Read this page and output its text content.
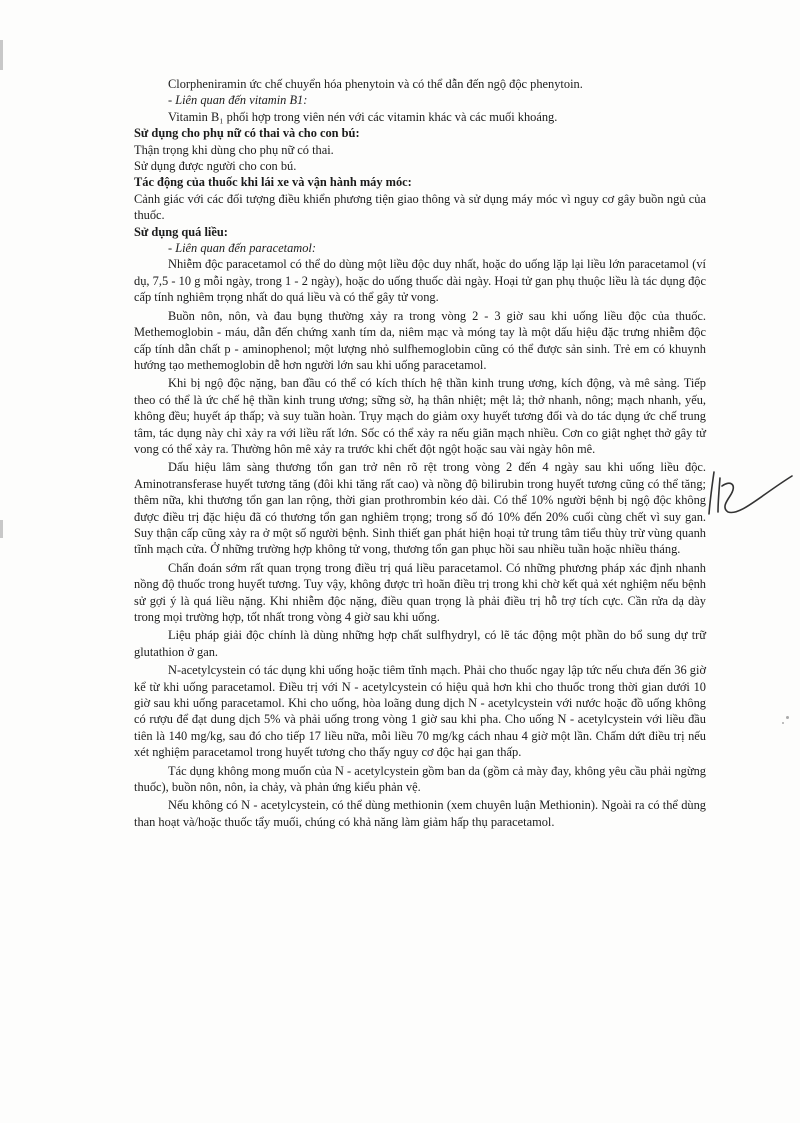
Clorpheniramin ức chế chuyển hóa phenytoin và có thể dẫn đến ngộ độc phenytoin.

- Liên quan đến vitamin B1:

Vitamin B₁ phối hợp trong viên nén với các vitamin khác và các muối khoáng.

Sử dụng cho phụ nữ có thai và cho con bú:

Thận trọng khi dùng cho phụ nữ có thai.

Sử dụng được người cho con bú.

Tác động của thuốc khi lái xe và vận hành máy móc:

Cảnh giác với các đối tượng điều khiển phương tiện giao thông và sử dụng máy móc vì nguy cơ gây buồn ngủ của thuốc.

Sử dụng quá liều:

- Liên quan đến paracetamol:

Nhiễm độc paracetamol có thể do dùng một liều độc duy nhất, hoặc do uống lặp lại liều lớn paracetamol (ví dụ, 7,5 - 10 g mỗi ngày, trong 1 - 2 ngày), hoặc do uống thuốc dài ngày. Hoại tử gan phụ thuộc liều là tác dụng độc cấp tính nghiêm trọng nhất do quá liều và có thể gây tử vong.

Buồn nôn, nôn, và đau bụng thường xảy ra trong vòng 2 - 3 giờ sau khi uống liều độc của thuốc. Methemoglobin - máu, dẫn đến chứng xanh tím da, niêm mạc và móng tay là một dấu hiệu đặc trưng nhiễm độc cấp tính dẫn chất p - aminophenol; một lượng nhỏ sulfhemoglobin cũng có thể được sản sinh. Trẻ em có khuynh hướng tạo methemoglobin dễ hơn người lớn sau khi uống paracetamol.

Khi bị ngộ độc nặng, ban đầu có thể có kích thích hệ thần kinh trung ương, kích động, và mê sảng. Tiếp theo có thể là ức chế hệ thần kinh trung ương; sững sờ, hạ thân nhiệt; mệt lả; thở nhanh, nông; mạch nhanh, yếu, không đều; huyết áp thấp; và suy tuần hoàn. Trụy mạch do giảm oxy huyết tương đối và do tác dụng ức chế trung tâm, tác dụng này chỉ xảy ra với liều rất lớn. Sốc có thể xảy ra nếu giãn mạch nhiều. Cơn co giật nghẹt thở gây tử vong có thể xảy ra. Thường hôn mê xảy ra trước khi chết đột ngột hoặc sau vài ngày hôn mê.

Dấu hiệu lâm sàng thương tổn gan trở nên rõ rệt trong vòng 2 đến 4 ngày sau khi uống liều độc. Aminotransferase huyết tương tăng (đôi khi tăng rất cao) và nồng độ bilirubin trong huyết tương cũng có thể tăng; thêm nữa, khi thương tổn gan lan rộng, thời gian prothrombin kéo dài. Có thể 10% người bệnh bị ngộ độc không được điều trị đặc hiệu đã có thương tổn gan nghiêm trọng; trong số đó 10% đến 20% cuối cùng chết vì suy gan. Suy thận cấp cũng xảy ra ở một số người bệnh. Sinh thiết gan phát hiện hoại tử trung tâm tiểu thùy trừ vùng quanh tĩnh mạch cửa. Ở những trường hợp không tử vong, thương tổn gan phục hồi sau nhiều tuần hoặc nhiều tháng.

Chẩn đoán sớm rất quan trọng trong điều trị quá liều paracetamol. Có những phương pháp xác định nhanh nồng độ thuốc trong huyết tương. Tuy vậy, không được trì hoãn điều trị trong khi chờ kết quả xét nghiệm nếu bệnh sử gợi ý là quá liều nặng. Khi nhiễm độc nặng, điều quan trọng là phải điều trị hỗ trợ tích cực. Cần rửa dạ dày trong mọi trường hợp, tốt nhất trong vòng 4 giờ sau khi uống.

Liệu pháp giải độc chính là dùng những hợp chất sulfhydryl, có lẽ tác động một phần do bổ sung dự trữ glutathion ở gan.

N-acetylcystein có tác dụng khi uống hoặc tiêm tĩnh mạch. Phải cho thuốc ngay lập tức nếu chưa đến 36 giờ kể từ khi uống paracetamol. Điều trị với N - acetylcystein có hiệu quả hơn khi cho thuốc trong thời gian dưới 10 giờ sau khi uống paracetamol. Khi cho uống, hòa loãng dung dịch N - acetylcystein với nước hoặc đồ uống không có rượu để đạt dung dịch 5% và phải uống trong vòng 1 giờ sau khi pha. Cho uống N - acetylcystein với liều đầu tiên là 140 mg/kg, sau đó cho tiếp 17 liều nữa, mỗi liều 70 mg/kg cách nhau 4 giờ một lần. Chấm dứt điều trị nếu xét nghiệm paracetamol trong huyết tương cho thấy nguy cơ độc hại gan thấp.

Tác dụng không mong muốn của N - acetylcystein gồm ban da (gồm cả mày đay, không yêu cầu phải ngừng thuốc), buồn nôn, nôn, ỉa chảy, và phản ứng kiểu phản vệ.

Nếu không có N - acetylcystein, có thể dùng methionin (xem chuyên luận Methionin). Ngoài ra có thể dùng than hoạt và/hoặc thuốc tẩy muối, chúng có khả năng làm giảm hấp thụ paracetamol.
